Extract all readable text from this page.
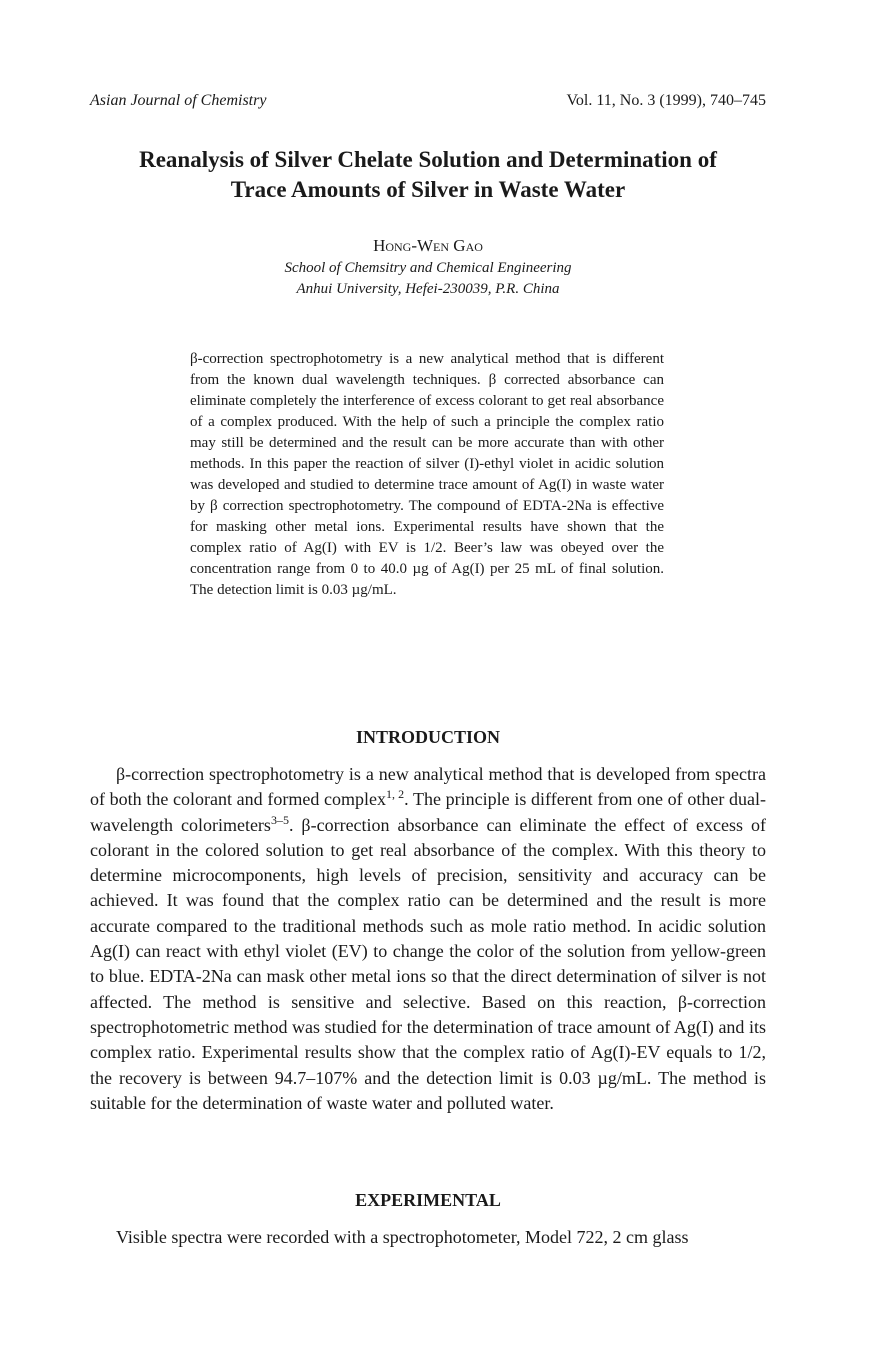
Asian Journal of Chemistry	Vol. 11, No. 3 (1999), 740–745
Reanalysis of Silver Chelate Solution and Determination of
Trace Amounts of Silver in Waste Water
Hong-Wen Gao
School of Chemsitry and Chemical Engineering
Anhui University, Hefei-230039, P.R. China

β-correction spectrophotometry is a new analytical method that is different from the known dual wavelength techniques. β corrected absorbance can eliminate completely the interference of excess colorant to get real absorbance of a complex produced. With the help of such a principle the complex ratio may still be determined and the result can be more accurate than with other methods. In this paper the reaction of silver (I)-ethyl violet in acidic solution was developed and studied to determine trace amount of Ag(I) in waste water by β correction spectrophotometry. The compound of EDTA-2Na is effective for masking other metal ions. Experimental results have shown that the complex ratio of Ag(I) with EV is 1/2. Beer’s law was obeyed over the concentration range from 0 to 40.0 µg of Ag(I) per 25 mL of final solution. The detection limit is 0.03 µg/mL.

INTRODUCTION

β-correction spectrophotometry is a new analytical method that is developed from spectra of both the colorant and formed complex$^{1, 2}$. The principle is different from one of other dual-wavelength colorimeters$^{3-5}$. β-correction absorbance can eliminate the effect of excess of colorant in the colored solution to get real absorbance of the complex. With this theory to determine microcomponents, high levels of precision, sensitivity and accuracy can be achieved. It was found that the complex ratio can be determined and the result is more accurate compared to the traditional methods such as mole ratio method. In acidic solution Ag(I) can react with ethyl violet (EV) to change the color of the solution from yellow-green to blue. EDTA-2Na can mask other metal ions so that the direct determination of silver is not affected. The method is sensitive and selective. Based on this reaction, β-correction spectrophotometric method was studied for the determination of trace amount of Ag(I) and its complex ratio. Experimental results show that the complex ratio of Ag(I)-EV equals to 1/2, the recovery is between 94.7–107% and the detection limit is 0.03 µg/mL. The method is suitable for the determination of waste water and polluted water.

EXPERIMENTAL

Visible spectra were recorded with a spectrophotometer, Model 722, 2 cm glass
